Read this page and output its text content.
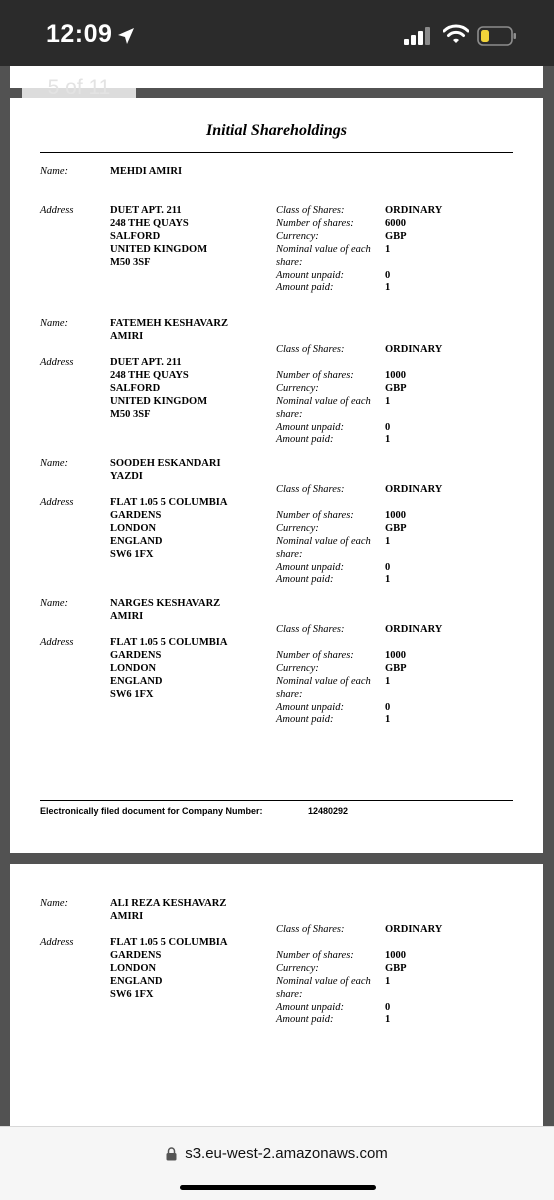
12:09
Initial Shareholdings
Name:	MEHDI AMIRI
Address	DUET APT. 211
248 THE QUAYS
SALFORD
UNITED KINGDOM
M50 3SF
Class of Shares:	ORDINARY
Number of shares:	6000
Currency:	GBP
Nominal value of each 1
share:
Amount unpaid:	0
Amount paid:	1
Name:	FATEMEH KESHAVARZ
AMIRI
Address	DUET APT. 211
248 THE QUAYS
SALFORD
UNITED KINGDOM
M50 3SF
Class of Shares:	ORDINARY
Number of shares:	1000
Currency:	GBP
Nominal value of each 1
share:
Amount unpaid:	0
Amount paid:	1
Name:	SOODEH ESKANDARI
YAZDI
Address	FLAT 1.05 5 COLUMBIA
GARDENS
LONDON
ENGLAND
SW6 1FX
Class of Shares:	ORDINARY
Number of shares:	1000
Currency:	GBP
Nominal value of each 1
share:
Amount unpaid:	0
Amount paid:	1
Name:	NARGES KESHAVARZ
AMIRI
Address	FLAT 1.05 5 COLUMBIA
GARDENS
LONDON
ENGLAND
SW6 1FX
Class of Shares:	ORDINARY
Number of shares:	1000
Currency:	GBP
Nominal value of each 1
share:
Amount unpaid:	0
Amount paid:	1
Electronically filed document for Company Number:	12480292
Name:	ALI REZA KESHAVARZ
AMIRI
Address	FLAT 1.05 5 COLUMBIA
GARDENS
LONDON
ENGLAND
SW6 1FX
Class of Shares:	ORDINARY
Number of shares:	1000
Currency:	GBP
Nominal value of each 1
share:
Amount unpaid:	0
Amount paid:	1
5 of 11
s3.eu-west-2.amazonaws.com
